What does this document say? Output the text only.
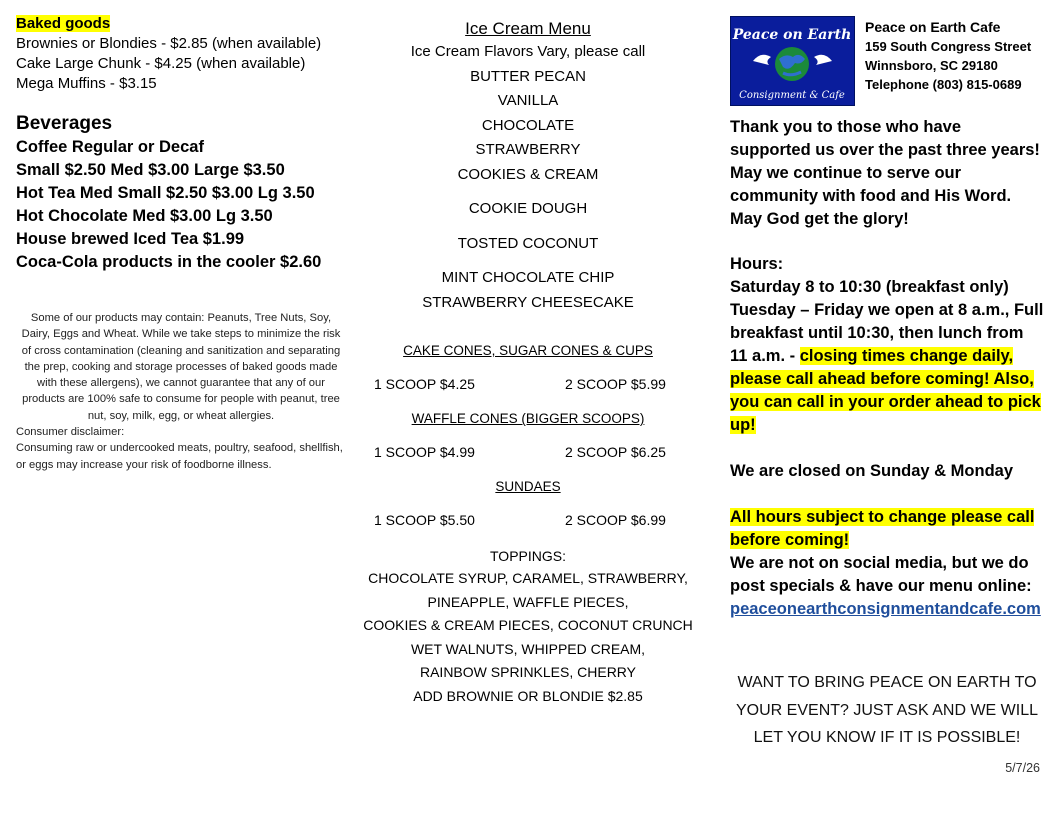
Baked goods
Brownies or Blondies - $2.85 (when available)
Cake Large Chunk - $4.25 (when available)
Mega Muffins - $3.15
Beverages
Coffee Regular or Decaf
Small $2.50 Med $3.00 Large $3.50
Hot Tea Med Small $2.50 $3.00 Lg 3.50
Hot Chocolate Med $3.00 Lg 3.50
House brewed Iced Tea $1.99
Coca-Cola products in the cooler $2.60
Some of our products may contain: Peanuts, Tree Nuts, Soy, Dairy, Eggs and Wheat. While we take steps to minimize the risk of cross contamination (cleaning and sanitization and separating the prep, cooking and storage processes of baked goods made with these allergens), we cannot guarantee that any of our products are 100% safe to consume for people with peanut, tree nut, soy, milk, egg, or wheat allergies.
Consumer disclaimer:
Consuming raw or undercooked meats, poultry, seafood, shellfish, or eggs may increase your risk of foodborne illness.
Ice Cream Menu
Ice Cream Flavors Vary, please call
BUTTER PECAN
VANILLA
CHOCOLATE
STRAWBERRY
COOKIES & CREAM
COOKIE DOUGH
TOSTED COCONUT
MINT CHOCOLATE CHIP
STRAWBERRY CHEESECAKE
CAKE CONES, SUGAR CONES & CUPS
1 SCOOP $4.25	2 SCOOP $5.99
WAFFLE CONES (BIGGER SCOOPS)
1 SCOOP $4.99	2 SCOOP $6.25
SUNDAES
1 SCOOP $5.50	2 SCOOP $6.99
TOPPINGS:
CHOCOLATE SYRUP, CARAMEL, STRAWBERRY,
PINEAPPLE, WAFFLE PIECES,
COOKIES & CREAM PIECES, COCONUT CRUNCH
WET WALNUTS, WHIPPED CREAM,
RAINBOW SPRINKLES, CHERRY
ADD BROWNIE OR BLONDIE $2.85
Peace on Earth
Consignment & Cafe
Peace on Earth Cafe
159 South Congress Street
Winnsboro, SC 29180
Telephone (803) 815-0689
Thank you to those who have supported us over the past three years! May we continue to serve our community with food and His Word. May God get the glory!
Hours:
Saturday 8 to 10:30 (breakfast only)
Tuesday – Friday we open at 8 a.m., Full breakfast until 10:30, then lunch from 11 a.m. - closing times change daily, please call ahead before coming! Also, you can call in your order ahead to pick up!
We are closed on Sunday & Monday
All hours subject to change please call before coming!
We are not on social media, but we do post specials & have our menu online:
peaceonearthconsignmentandcafe.com
WANT TO BRING PEACE ON EARTH TO YOUR EVENT? JUST ASK AND WE WILL LET YOU KNOW IF IT IS POSSIBLE!
5/7/26
